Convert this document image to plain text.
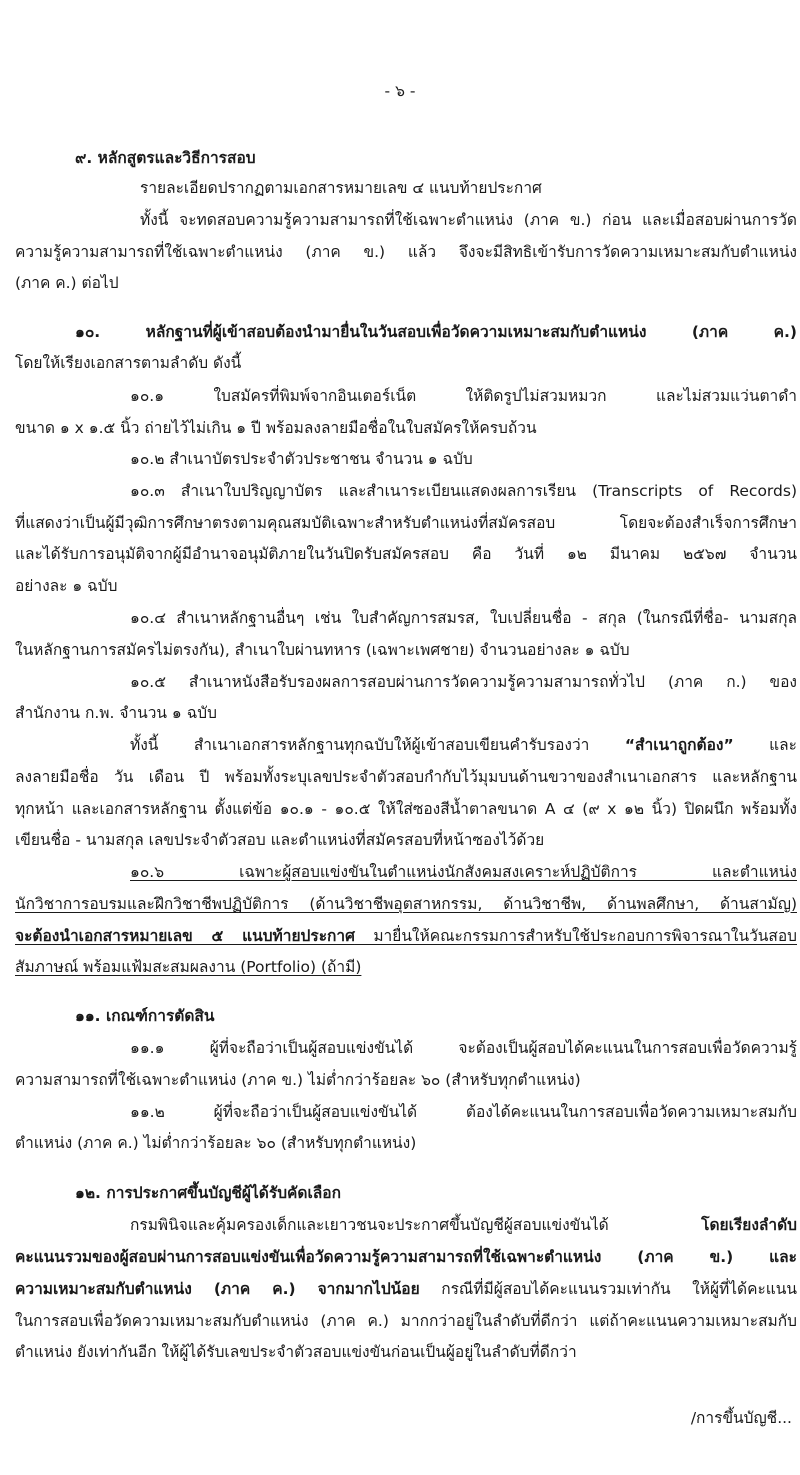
- ๖ -
๙. หลักสูตรและวิธีการสอบ
รายละเอียดปรากฏตามเอกสารหมายเลข ๔ แนบท้ายประกาศ
ทั้งนี้ จะทดสอบความรู้ความสามารถที่ใช้เฉพาะตำแหน่ง (ภาค ข.) ก่อน และเมื่อสอบผ่านการวัด
ความรู้ความสามารถที่ใช้เฉพาะตำแหน่ง (ภาค ข.) แล้ว จึงจะมีสิทธิเข้ารับการวัดความเหมาะสมกับตำแหน่ง
(ภาค ค.) ต่อไป
๑๐. หลักฐานที่ผู้เข้าสอบต้องนำมายื่นในวันสอบเพื่อวัดความเหมาะสมกับตำแหน่ง (ภาค ค.)
โดยให้เรียงเอกสารตามลำดับ ดังนี้
๑๐.๑ ใบสมัครที่พิมพ์จากอินเตอร์เน็ต ให้ติดรูปไม่สวมหมวก และไม่สวมแว่นตาดำ
ขนาด ๑ x ๑.๕ นิ้ว ถ่ายไว้ไม่เกิน ๑ ปี พร้อมลงลายมือชื่อในใบสมัครให้ครบถ้วน
๑๐.๒ สำเนาบัตรประจำตัวประชาชน จำนวน ๑ ฉบับ
๑๐.๓ สำเนาใบปริญญาบัตร และสำเนาระเบียนแสดงผลการเรียน (Transcripts of Records)
ที่แสดงว่าเป็นผู้มีวุฒิการศึกษาตรงตามคุณสมบัติเฉพาะสำหรับตำแหน่งที่สมัครสอบ โดยจะต้องสำเร็จการศึกษา
และได้รับการอนุมัติจากผู้มีอำนาจอนุมัติภายในวันปิดรับสมัครสอบ คือ วันที่ ๑๒ มีนาคม ๒๕๖๗ จำนวน
อย่างละ ๑ ฉบับ
๑๐.๔ สำเนาหลักฐานอื่นๆ เช่น ใบสำคัญการสมรส, ใบเปลี่ยนชื่อ - สกุล (ในกรณีที่ชื่อ- นามสกุล
ในหลักฐานการสมัครไม่ตรงกัน), สำเนาใบผ่านทหาร (เฉพาะเพศชาย) จำนวนอย่างละ ๑ ฉบับ
๑๐.๕ สำเนาหนังสือรับรองผลการสอบผ่านการวัดความรู้ความสามารถทั่วไป (ภาค ก.) ของ
สำนักงาน ก.พ. จำนวน ๑ ฉบับ
ทั้งนี้ สำเนาเอกสารหลักฐานทุกฉบับให้ผู้เข้าสอบเขียนคำรับรองว่า “สำเนาถูกต้อง” และ
ลงลายมือชื่อ วัน เดือน ปี พร้อมทั้งระบุเลขประจำตัวสอบกำกับไว้มุมบนด้านขวาของสำเนาเอกสาร และหลักฐาน
ทุกหน้า และเอกสารหลักฐาน ตั้งแต่ข้อ ๑๐.๑ - ๑๐.๕ ให้ใส่ซองสีน้ำตาลขนาด A ๔ (๙ x ๑๒ นิ้ว) ปิดผนึก พร้อมทั้ง
เขียนชื่อ - นามสกุล เลขประจำตัวสอบ และตำแหน่งที่สมัครสอบที่หน้าซองไว้ด้วย
๑๐.๖ เฉพาะผู้สอบแข่งขันในตำแหน่งนักสังคมสงเคราะห์ปฏิบัติการ และตำแหน่ง
นักวิชาการอบรมและฝึกวิชาชีพปฏิบัติการ (ด้านวิชาชีพอุตสาหกรรม, ด้านวิชาชีพ, ด้านพลศึกษา, ด้านสามัญ)
จะต้องนำเอกสารหมายเลข ๕ แนบท้ายประกาศ มายื่นให้คณะกรรมการสำหรับใช้ประกอบการพิจารณาในวันสอบ
สัมภาษณ์ พร้อมแฟ้มสะสมผลงาน (Portfolio) (ถ้ามี)
๑๑. เกณฑ์การตัดสิน
๑๑.๑ ผู้ที่จะถือว่าเป็นผู้สอบแข่งขันได้ จะต้องเป็นผู้สอบได้คะแนนในการสอบเพื่อวัดความรู้
ความสามารถที่ใช้เฉพาะตำแหน่ง (ภาค ข.) ไม่ต่ำกว่าร้อยละ ๖๐ (สำหรับทุกตำแหน่ง)
๑๑.๒ ผู้ที่จะถือว่าเป็นผู้สอบแข่งขันได้ ต้องได้คะแนนในการสอบเพื่อวัดความเหมาะสมกับ
ตำแหน่ง (ภาค ค.) ไม่ต่ำกว่าร้อยละ ๖๐ (สำหรับทุกตำแหน่ง)
๑๒. การประกาศขึ้นบัญชีผู้ได้รับคัดเลือก
กรมพินิจและคุ้มครองเด็กและเยาวชนจะประกาศขึ้นบัญชีผู้สอบแข่งขันได้ โดยเรียงลำดับ
คะแนนรวมของผู้สอบผ่านการสอบแข่งขันเพื่อวัดความรู้ความสามารถที่ใช้เฉพาะตำแหน่ง (ภาค ข.) และ
ความเหมาะสมกับตำแหน่ง (ภาค ค.) จากมากไปน้อย กรณีที่มีผู้สอบได้คะแนนรวมเท่ากัน ให้ผู้ที่ได้คะแนน
ในการสอบเพื่อวัดความเหมาะสมกับตำแหน่ง (ภาค ค.) มากกว่าอยู่ในลำดับที่ดีกว่า แต่ถ้าคะแนนความเหมาะสมกับ
ตำแหน่ง ยังเท่ากันอีก ให้ผู้ได้รับเลขประจำตัวสอบแข่งขันก่อนเป็นผู้อยู่ในลำดับที่ดีกว่า
/การขึ้นบัญชี...
